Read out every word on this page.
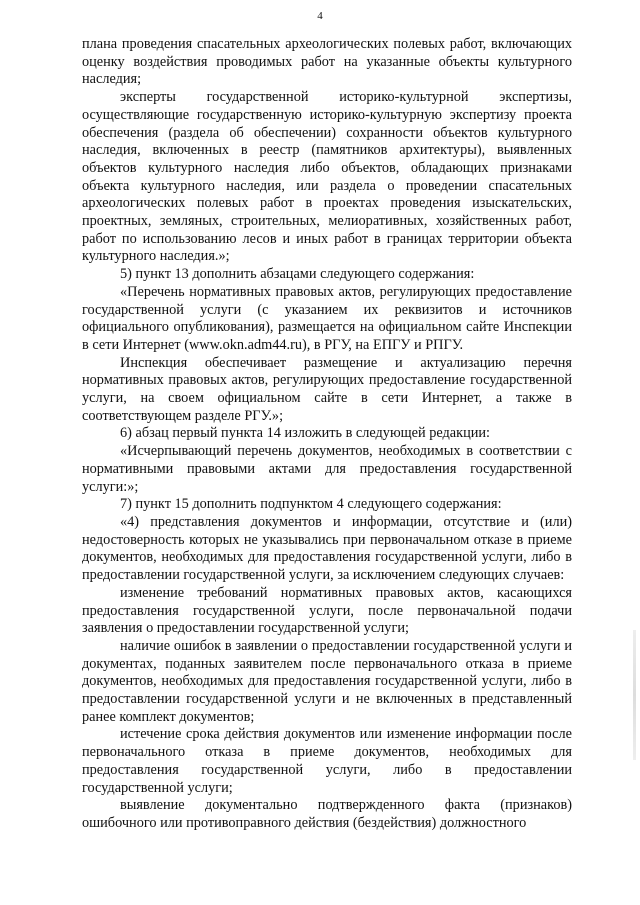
4

плана проведения спасательных археологических полевых работ, включающих оценку воздействия проводимых работ на указанные объекты культурного наследия;

эксперты государственной историко-культурной экспертизы, осуществляющие государственную историко-культурную экспертизу проекта обеспечения (раздела об обеспечении) сохранности объектов культурного наследия, включенных в реестр (памятников архитектуры), выявленных объектов культурного наследия либо объектов, обладающих признаками объекта культурного наследия, или раздела о проведении спасательных археологических полевых работ в проектах проведения изыскательских, проектных, земляных, строительных, мелиоративных, хозяйственных работ, работ по использованию лесов и иных работ в границах территории объекта культурного наследия.»;

5) пункт 13 дополнить абзацами следующего содержания:

«Перечень нормативных правовых актов, регулирующих предоставление государственной услуги (с указанием их реквизитов и источников официального опубликования), размещается на официальном сайте Инспекции в сети Интернет (www.okn.adm44.ru), в РГУ, на ЕПГУ и РПГУ.

Инспекция обеспечивает размещение и актуализацию перечня нормативных правовых актов, регулирующих предоставление государственной услуги, на своем официальном сайте в сети Интернет, а также в соответствующем разделе РГУ.»;

6) абзац первый пункта 14 изложить в следующей редакции:

«Исчерпывающий перечень документов, необходимых в соответствии с нормативными правовыми актами для предоставления государственной услуги:»;

7) пункт 15 дополнить подпунктом 4 следующего содержания:

«4) представления документов и информации, отсутствие и (или) недостоверность которых не указывались при первоначальном отказе в приеме документов, необходимых для предоставления государственной услуги, либо в предоставлении государственной услуги, за исключением следующих случаев:

изменение требований нормативных правовых актов, касающихся предоставления государственной услуги, после первоначальной подачи заявления о предоставлении государственной услуги;

наличие ошибок в заявлении о предоставлении государственной услуги и документах, поданных заявителем после первоначального отказа в приеме документов, необходимых для предоставления государственной услуги, либо в предоставлении государственной услуги и не включенных в представленный ранее комплект документов;

истечение срока действия документов или изменение информации после первоначального отказа в приеме документов, необходимых для предоставления государственной услуги, либо в предоставлении государственной услуги;

выявление документально подтвержденного факта (признаков) ошибочного или противоправного действия (бездействия) должностного
